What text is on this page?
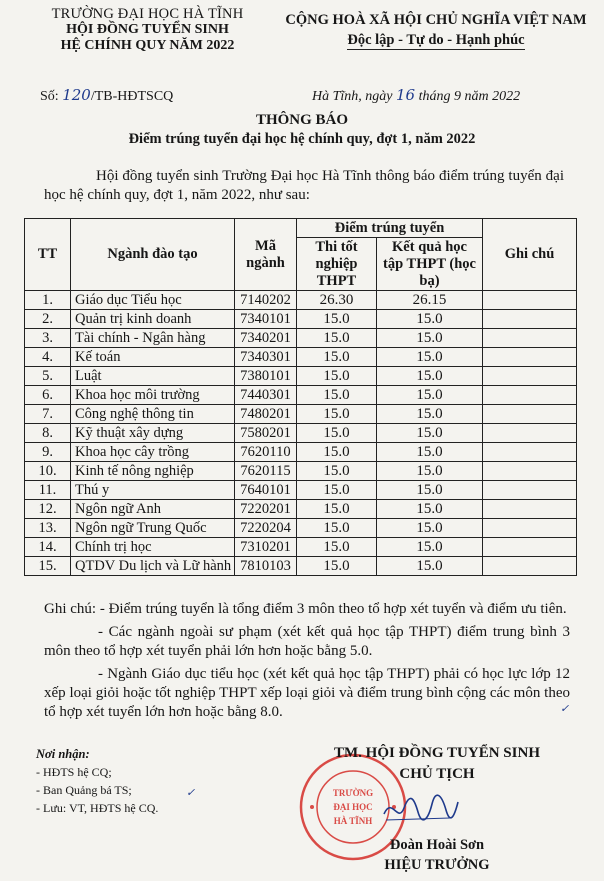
TRƯỜNG ĐẠI HỌC HÀ TĨNH
HỘI ĐỒNG TUYỂN SINH
HỆ CHÍNH QUY NĂM 2022
CỘNG HOÀ XÃ HỘI CHỦ NGHĨA VIỆT NAM
Độc lập - Tự do - Hạnh phúc
Số: 120/TB-HĐTSCQ	Hà Tĩnh, ngày 16 tháng 9 năm 2022
THÔNG BÁO
Điểm trúng tuyển đại học hệ chính quy, đợt 1, năm 2022
Hội đồng tuyển sinh Trường Đại học Hà Tĩnh thông báo điểm trúng tuyển đại học hệ chính quy, đợt 1, năm 2022, như sau:
TT	Ngành đào tạo	Mã ngành	Điểm trúng tuyển		Ghi chú
			Thi tốt nghiệp THPT	Kết quả học tập THPT (học bạ)	
1.	Giáo dục Tiểu học	7140202	26.30	26.15	
2.	Quản trị kinh doanh	7340101	15.0	15.0	
3.	Tài chính - Ngân hàng	7340201	15.0	15.0	
4.	Kế toán	7340301	15.0	15.0	
5.	Luật	7380101	15.0	15.0	
6.	Khoa học môi trường	7440301	15.0	15.0	
7.	Công nghệ thông tin	7480201	15.0	15.0	
8.	Kỹ thuật xây dựng	7580201	15.0	15.0	
9.	Khoa học cây trồng	7620110	15.0	15.0	
10.	Kinh tế nông nghiệp	7620115	15.0	15.0	
11.	Thú y	7640101	15.0	15.0	
12.	Ngôn ngữ Anh	7220201	15.0	15.0	
13.	Ngôn ngữ Trung Quốc	7220204	15.0	15.0	
14.	Chính trị học	7310201	15.0	15.0	
15.	QTDV Du lịch và Lữ hành	7810103	15.0	15.0	

Ghi chú: - Điểm trúng tuyển là tổng điểm 3 môn theo tổ hợp xét tuyển và điểm ưu tiên.

- Các ngành ngoài sư phạm (xét kết quả học tập THPT) điểm trung bình 3 môn theo tổ hợp xét tuyển phải lớn hơn hoặc bằng 5.0.

- Ngành Giáo dục tiểu học (xét kết quả học tập THPT) phải có học lực lớp 12 xếp loại giỏi hoặc tốt nghiệp THPT xếp loại giỏi và điểm trung bình cộng các môn theo tổ hợp xét tuyển lớn hơn hoặc bằng 8.0.

Nơi nhận:
- HĐTS hệ CQ;
- Ban Quảng bá TS;
- Lưu: VT, HĐTS hệ CQ.
TRƯỜNG
ĐẠI HỌC
HÀ TĨNH
✓
✓
TM. HỘI ĐỒNG TUYỂN SINH
CHỦ TỊCH
Đoàn Hoài Sơn
HIỆU TRƯỞNG
